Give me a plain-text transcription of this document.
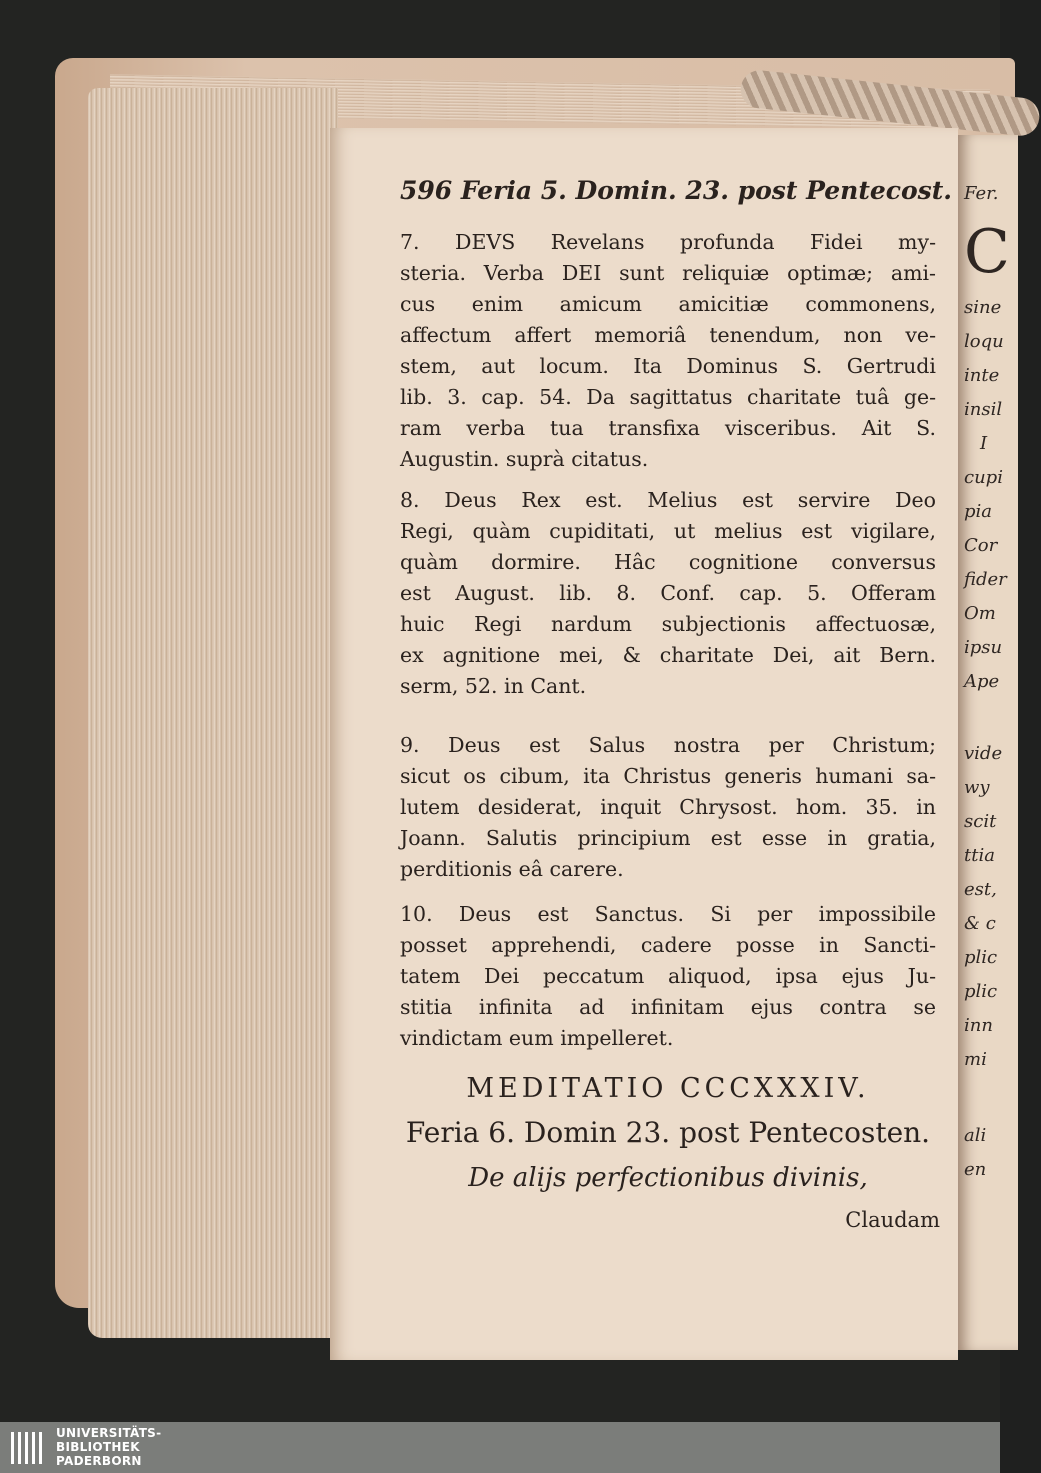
Fer.
C
sine
loqu
inte
insil
I
cupi
pia
Cor
fider
Om
ipsu
Ape
vide
wy
scit
ttia
est,
& c
plic
plic
inn
mi
ali
en
596 Feria 5. Domin. 23. post Pentecost.
7. DEVS Revelans profunda Fidei my-
steria. Verba DEI sunt reliquiæ optimæ; ami-
cus enim amicum amicitiæ commonens,
affectum affert memoriâ tenendum, non ve-
stem, aut locum. Ita Dominus S. Gertrudi
lib. 3. cap. 54. Da sagittatus charitate tuâ ge-
ram verba tua transfixa visceribus. Ait S.
Augustin. suprà citatus.
8. Deus Rex est. Melius est servire Deo
Regi, quàm cupiditati, ut melius est vigilare,
quàm dormire. Hâc cognitione conversus
est August. lib. 8. Conf. cap. 5. Offeram
huic Regi nardum subjectionis affectuosæ,
ex agnitione mei, & charitate Dei, ait Bern.
serm, 52. in Cant.
9. Deus est Salus nostra per Christum;
sicut os cibum, ita Christus generis humani sa-
lutem desiderat, inquit Chrysost. hom. 35. in
Joann. Salutis principium est esse in gratia,
perditionis eâ carere.
10. Deus est Sanctus. Si per impossibile
posset apprehendi, cadere posse in Sancti-
tatem Dei peccatum aliquod, ipsa ejus Ju-
stitia infinita ad infinitam ejus contra se
vindictam eum impelleret.
MEDITATIO CCCXXXIV.
Feria 6. Domin 23. post Pentecosten.
De alijs perfectionibus divinis,
Claudam
UNIVERSITÄTS-
BIBLIOTHEK
PADERBORN
